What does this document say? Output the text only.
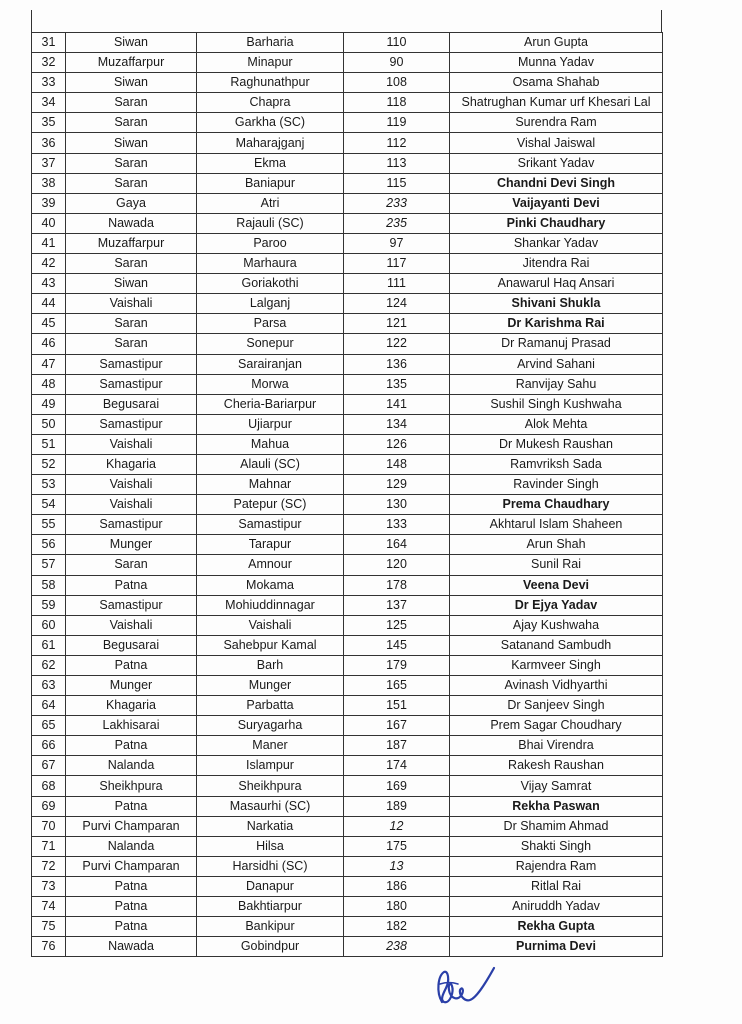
31	Siwan	Barharia	110	Arun Gupta
32	Muzaffarpur	Minapur	90	Munna Yadav
33	Siwan	Raghunathpur	108	Osama Shahab
34	Saran	Chapra	118	Shatrughan Kumar urf Khesari Lal
35	Saran	Garkha (SC)	119	Surendra Ram
36	Siwan	Maharajganj	112	Vishal Jaiswal
37	Saran	Ekma	113	Srikant Yadav
38	Saran	Baniapur	115	Chandni Devi Singh
39	Gaya	Atri	233	Vaijayanti Devi
40	Nawada	Rajauli (SC)	235	Pinki Chaudhary
41	Muzaffarpur	Paroo	97	Shankar Yadav
42	Saran	Marhaura	117	Jitendra Rai
43	Siwan	Goriakothi	111	Anawarul Haq Ansari
44	Vaishali	Lalganj	124	Shivani Shukla
45	Saran	Parsa	121	Dr Karishma Rai
46	Saran	Sonepur	122	Dr Ramanuj Prasad
47	Samastipur	Sarairanjan	136	Arvind Sahani
48	Samastipur	Morwa	135	Ranvijay Sahu
49	Begusarai	Cheria-Bariarpur	141	Sushil Singh Kushwaha
50	Samastipur	Ujiarpur	134	Alok Mehta
51	Vaishali	Mahua	126	Dr Mukesh Raushan
52	Khagaria	Alauli (SC)	148	Ramvriksh Sada
53	Vaishali	Mahnar	129	Ravinder Singh
54	Vaishali	Patepur (SC)	130	Prema Chaudhary
55	Samastipur	Samastipur	133	Akhtarul Islam Shaheen
56	Munger	Tarapur	164	Arun Shah
57	Saran	Amnour	120	Sunil Rai
58	Patna	Mokama	178	Veena Devi
59	Samastipur	Mohiuddinnagar	137	Dr Ejya Yadav
60	Vaishali	Vaishali	125	Ajay Kushwaha
61	Begusarai	Sahebpur Kamal	145	Satanand Sambudh
62	Patna	Barh	179	Karmveer Singh
63	Munger	Munger	165	Avinash Vidhyarthi
64	Khagaria	Parbatta	151	Dr Sanjeev Singh
65	Lakhisarai	Suryagarha	167	Prem Sagar Choudhary
66	Patna	Maner	187	Bhai Virendra
67	Nalanda	Islampur	174	Rakesh Raushan
68	Sheikhpura	Sheikhpura	169	Vijay Samrat
69	Patna	Masaurhi (SC)	189	Rekha Paswan
70	Purvi Champaran	Narkatia	12	Dr Shamim Ahmad
71	Nalanda	Hilsa	175	Shakti Singh
72	Purvi Champaran	Harsidhi (SC)	13	Rajendra Ram
73	Patna	Danapur	186	Ritlal Rai
74	Patna	Bakhtiarpur	180	Aniruddh Yadav
75	Patna	Bankipur	182	Rekha Gupta
76	Nawada	Gobindpur	238	Purnima Devi
